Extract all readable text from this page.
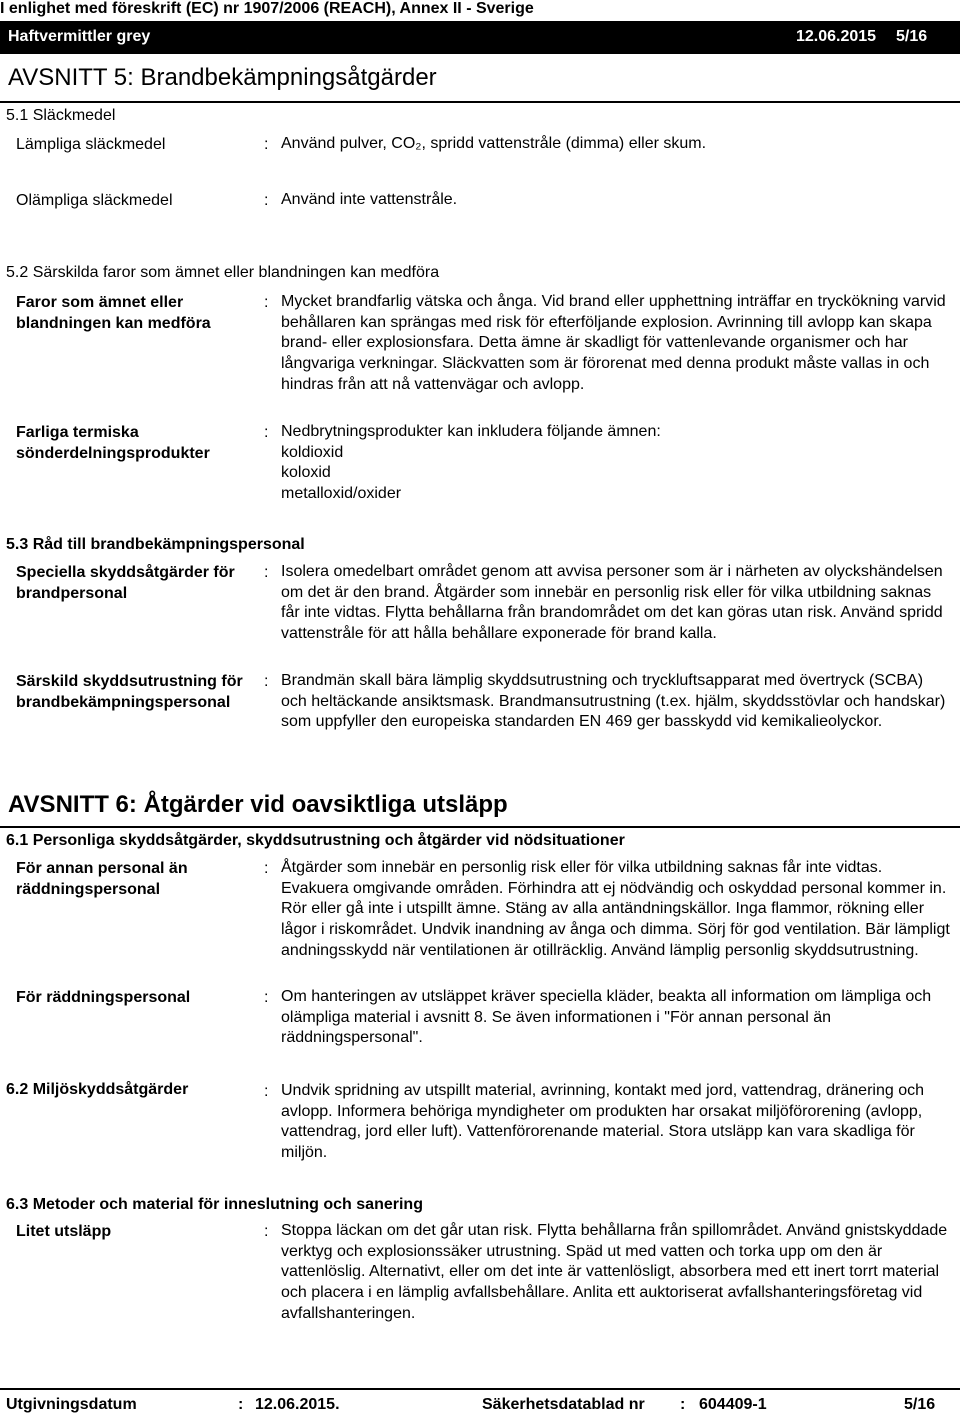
I enlighet med föreskrift (EC) nr 1907/2006 (REACH), Annex II - Sverige
Haftvermittler grey	12.06.2015 5/16
AVSNITT 5: Brandbekämpningsåtgärder
5.1 Släckmedel
Lämpliga släckmedel	: Använd pulver, CO₂, spridd vattenstråle (dimma) eller skum.
Olämpliga släckmedel	: Använd inte vattenstråle.
5.2 Särskilda faror som ämnet eller blandningen kan medföra
Faror som ämnet eller blandningen kan medföra
: Mycket brandfarlig vätska och ånga. Vid brand eller upphettning inträffar en tryckökning varvid behållaren kan sprängas med risk för efterföljande explosion. Avrinning till avlopp kan skapa brand- eller explosionsfara. Detta ämne är skadligt för vattenlevande organismer och har långvariga verkningar. Släckvatten som är förorenat med denna produkt måste vallas in och hindras från att nå vattenvägar och avlopp.
Farliga termiska sönderdelningsprodukter
: Nedbrytningsprodukter kan inkludera följande ämnen:

koldioxid

koloxid

metalloxid/oxider

5.3 Råd till brandbekämpningspersonal
Speciella skyddsåtgärder för brandpersonal
: Isolera omedelbart området genom att avvisa personer som är i närheten av olyckshändelsen om det är den brand. Åtgärder som innebär en personlig risk eller för vilka utbildning saknas får inte vidtas. Flytta behållarna från brandområdet om det kan göras utan risk. Använd spridd vattenstråle för att hålla behållare exponerade för brand kalla.
Särskild skyddsutrustning för brandbekämpningspersonal
: Brandmän skall bära lämplig skyddsutrustning och tryckluftsapparat med övertryck (SCBA) och heltäckande ansiktsmask. Brandmansutrustning (t.ex. hjälm, skyddsstövlar och handskar) som uppfyller den europeiska standarden EN 469 ger basskydd vid kemikalieolyckor.
AVSNITT 6: Åtgärder vid oavsiktliga utsläpp
6.1 Personliga skyddsåtgärder, skyddsutrustning och åtgärder vid nödsituationer
För annan personal än räddningspersonal
: Åtgärder som innebär en personlig risk eller för vilka utbildning saknas får inte vidtas. Evakuera omgivande områden. Förhindra att ej nödvändig och oskyddad personal kommer in. Rör eller gå inte i utspillt ämne. Stäng av alla antändningskällor. Inga flammor, rökning eller lågor i riskområdet. Undvik inandning av ånga och dimma. Sörj för god ventilation. Bär lämpligt andningsskydd när ventilationen är otillräcklig. Använd lämplig personlig skyddsutrustning.
För räddningspersonal	: Om hanteringen av utsläppet kräver speciella kläder, beakta all information om lämpliga och olämpliga material i avsnitt 8. Se även informationen i "För annan personal än räddningspersonal".
6.2 Miljöskyddsåtgärder	: Undvik spridning av utspillt material, avrinning, kontakt med jord, vattendrag, dränering och avlopp. Informera behöriga myndigheter om produkten har orsakat miljöförorening (avlopp, vattendrag, jord eller luft). Vattenförorenande material. Stora utsläpp kan vara skadliga för miljön.
6.3 Metoder och material för inneslutning och sanering
Litet utsläpp	: Stoppa läckan om det går utan risk. Flytta behållarna från spillområdet. Använd gnistskyddade verktyg och explosionssäker utrustning. Späd ut med vatten och torka upp om den är vattenlöslig. Alternativt, eller om det inte är vattenlösligt, absorbera med ett inert torrt material och placera i en lämplig avfallsbehållare. Anlita ett auktoriserat avfallshanteringsföretag vid avfallshanteringen.
Utgivningsdatum	: 12.06.2015.	Säkerhetsdatablad nr : 604409-1	5/16
